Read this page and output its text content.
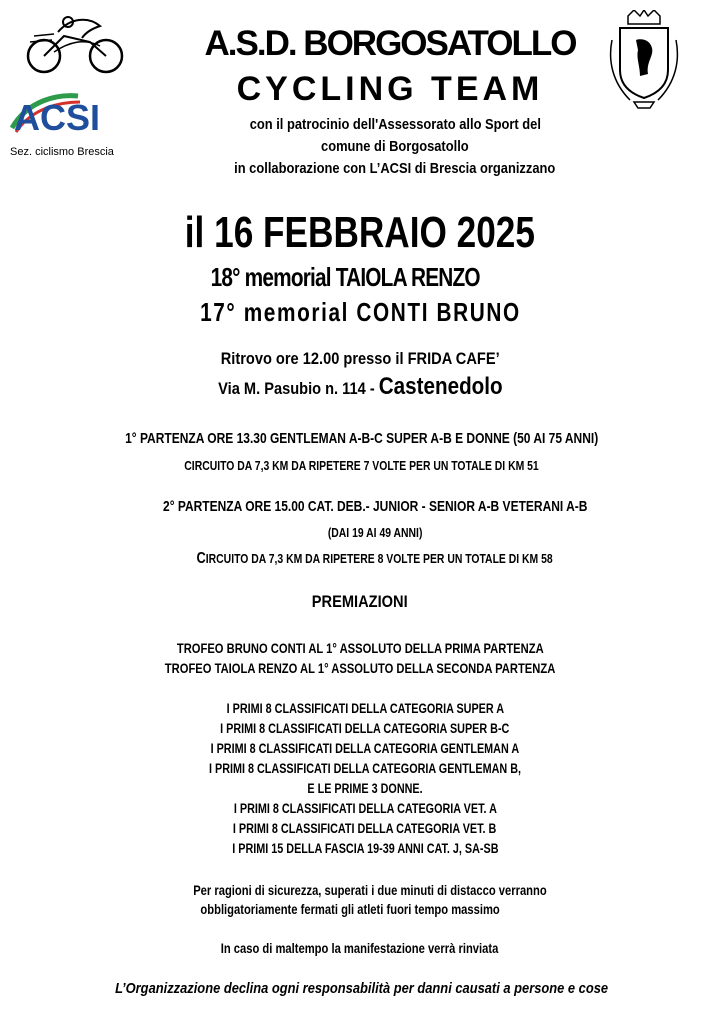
ACSI
Sez. ciclismo Brescia
A.S.D. BORGOSATOLLO
CYCLING TEAM
con il patrocinio dell'Assessorato allo Sport del
comune di Borgosatollo
in collaborazione con L’ACSI di Brescia organizzano
il 16 FEBBRAIO 2025
18° memorial TAIOLA RENZO
17° memorial CONTI BRUNO
Ritrovo ore 12.00 presso il FRIDA CAFE’
Via M. Pasubio n. 114 - Castenedolo
1° PARTENZA ORE 13.30 GENTLEMAN A-B-C SUPER A-B E DONNE (50 AI 75 ANNI)
CIRCUITO DA 7,3 KM DA RIPETERE 7 VOLTE PER UN TOTALE DI KM 51
2° PARTENZA ORE 15.00 CAT. DEB.- JUNIOR - SENIOR A-B VETERANI A-B
(DAI 19 AI 49 ANNI)
CIRCUITO DA 7,3 KM DA RIPETERE 8 VOLTE PER UN TOTALE DI KM 58
PREMIAZIONI
TROFEO BRUNO CONTI AL 1° ASSOLUTO DELLA PRIMA PARTENZA
TROFEO TAIOLA RENZO AL 1° ASSOLUTO DELLA SECONDA PARTENZA
I PRIMI 8 CLASSIFICATI DELLA CATEGORIA SUPER A
I PRIMI 8 CLASSIFICATI DELLA CATEGORIA SUPER B-C
I PRIMI 8 CLASSIFICATI DELLA CATEGORIA GENTLEMAN A
I PRIMI 8 CLASSIFICATI DELLA CATEGORIA GENTLEMAN B,
E LE PRIME 3 DONNE.
I PRIMI 8 CLASSIFICATI DELLA CATEGORIA VET. A
I PRIMI 8 CLASSIFICATI DELLA CATEGORIA VET. B
I PRIMI 15 DELLA FASCIA 19-39 ANNI CAT. J, SA-SB
Per ragioni di sicurezza, superati i due minuti di distacco verranno
obbligatoriamente fermati gli atleti fuori tempo massimo
In caso di maltempo la manifestazione verrà rinviata
L’Organizzazione declina ogni responsabilità per danni causati a persone e cose
